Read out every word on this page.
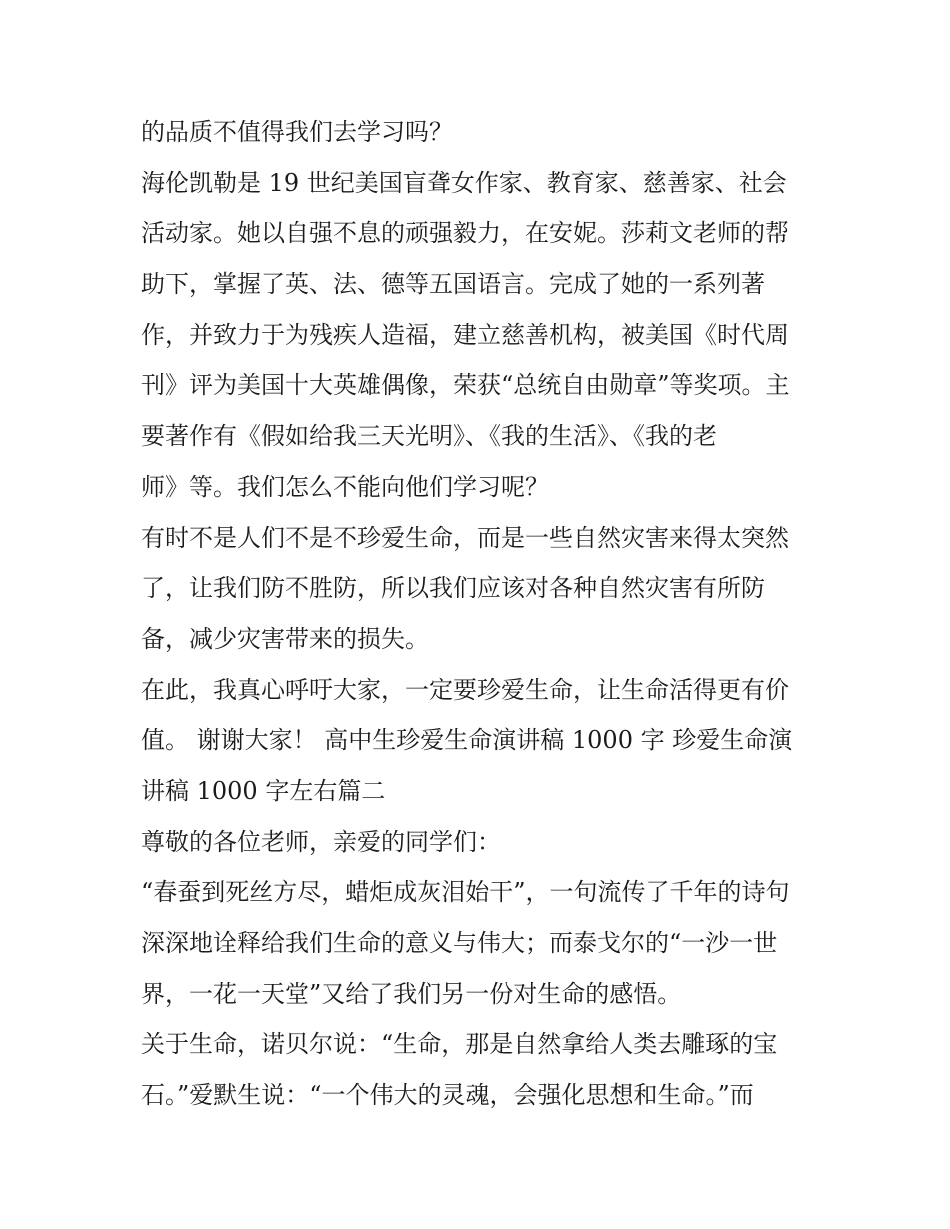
的品质不值得我们去学习吗？
海伦凯勒是 19 世纪美国盲聋女作家、教育家、慈善家、社会
活动家。她以自强不息的顽强毅力，在安妮。莎莉文老师的帮
助下，掌握了英、法、德等五国语言。完成了她的一系列著
作，并致力于为残疾人造福，建立慈善机构，被美国《时代周
刊》评为美国十大英雄偶像，荣获“总统自由勋章”等奖项。主
要著作有《假如给我三天光明》、《我的生活》、《我的老
师》等。我们怎么不能向他们学习呢？
有时不是人们不是不珍爱生命，而是一些自然灾害来得太突然
了，让我们防不胜防，所以我们应该对各种自然灾害有所防
备，减少灾害带来的损失。
在此，我真心呼吁大家，一定要珍爱生命，让生命活得更有价
值。 谢谢大家！ 高中生珍爱生命演讲稿 1000 字 珍爱生命演
讲稿 1000 字左右篇二
尊敬的各位老师，亲爱的同学们：
“春蚕到死丝方尽，蜡炬成灰泪始干”，一句流传了千年的诗句
深深地诠释给我们生命的意义与伟大；而泰戈尔的“一沙一世
界，一花一天堂”又给了我们另一份对生命的感悟。
关于生命，诺贝尔说：“生命，那是自然拿给人类去雕琢的宝
石。”爱默生说：“一个伟大的灵魂，会强化思想和生命。”而
